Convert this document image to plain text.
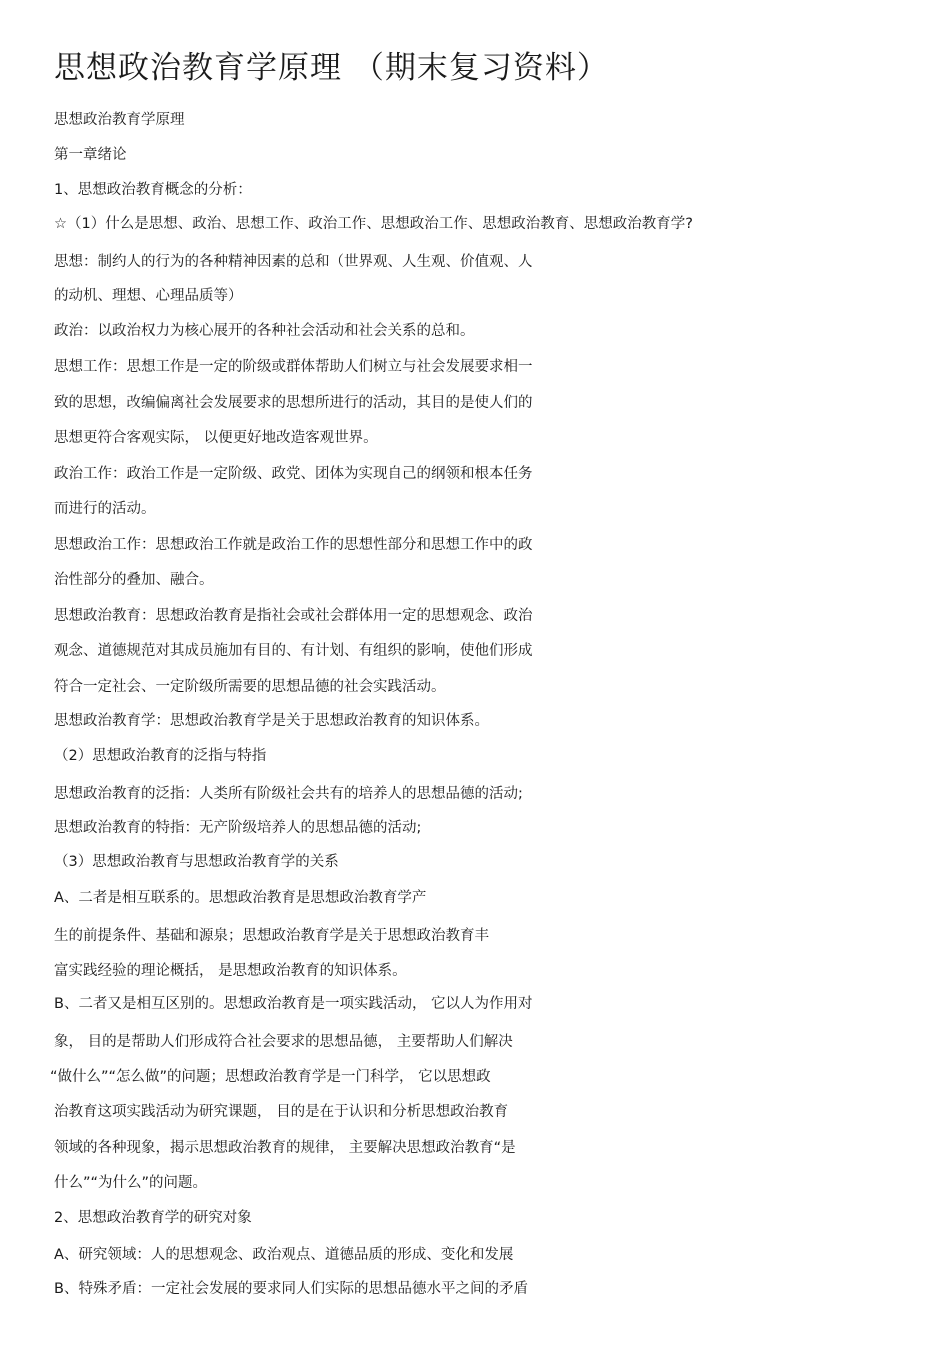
思想政治教育学原理 （期末复习资料）

思想政治教育学原理

第一章绪论

1、思想政治教育概念的分析：

☆（1）什么是思想、政治、思想工作、政治工作、思想政治工作、思想政治教育、思想政治教育学?

思想：制约人的行为的各种精神因素的总和（世界观、人生观、价值观、人

的动机、理想、心理品质等）

政治：以政治权力为核心展开的各种社会活动和社会关系的总和。

思想工作：思想工作是一定的阶级或群体帮助人们树立与社会发展要求相一

致的思想，改编偏离社会发展要求的思想所进行的活动，其目的是使人们的

思想更符合客观实际， 以便更好地改造客观世界。

政治工作：政治工作是一定阶级、政党、团体为实现自己的纲领和根本任务

而进行的活动。

思想政治工作：思想政治工作就是政治工作的思想性部分和思想工作中的政

治性部分的叠加、融合。

思想政治教育：思想政治教育是指社会或社会群体用一定的思想观念、政治

观念、道德规范对其成员施加有目的、有计划、有组织的影响，使他们形成

符合一定社会、一定阶级所需要的思想品德的社会实践活动。

思想政治教育学：思想政治教育学是关于思想政治教育的知识体系。

（2）思想政治教育的泛指与特指

思想政治教育的泛指：人类所有阶级社会共有的培养人的思想品德的活动;

思想政治教育的特指：无产阶级培养人的思想品德的活动;

（3）思想政治教育与思想政治教育学的关系

A、二者是相互联系的。思想政治教育是思想政治教育学产

生的前提条件、基础和源泉；思想政治教育学是关于思想政治教育丰

富实践经验的理论概括， 是思想政治教育的知识体系。

B、二者又是相互区别的。思想政治教育是一项实践活动， 它以人为作用对

象， 目的是帮助人们形成符合社会要求的思想品德， 主要帮助人们解决

“做什么”“怎么做”的问题；思想政治教育学是一门科学， 它以思想政

治教育这项实践活动为研究课题， 目的是在于认识和分析思想政治教育

领域的各种现象，揭示思想政治教育的规律， 主要解决思想政治教育“是

什么”“为什么”的问题。

2、思想政治教育学的研究对象

A、研究领域：人的思想观念、政治观点、道德品质的形成、变化和发展

B、特殊矛盾：一定社会发展的要求同人们实际的思想品德水平之间的矛盾
